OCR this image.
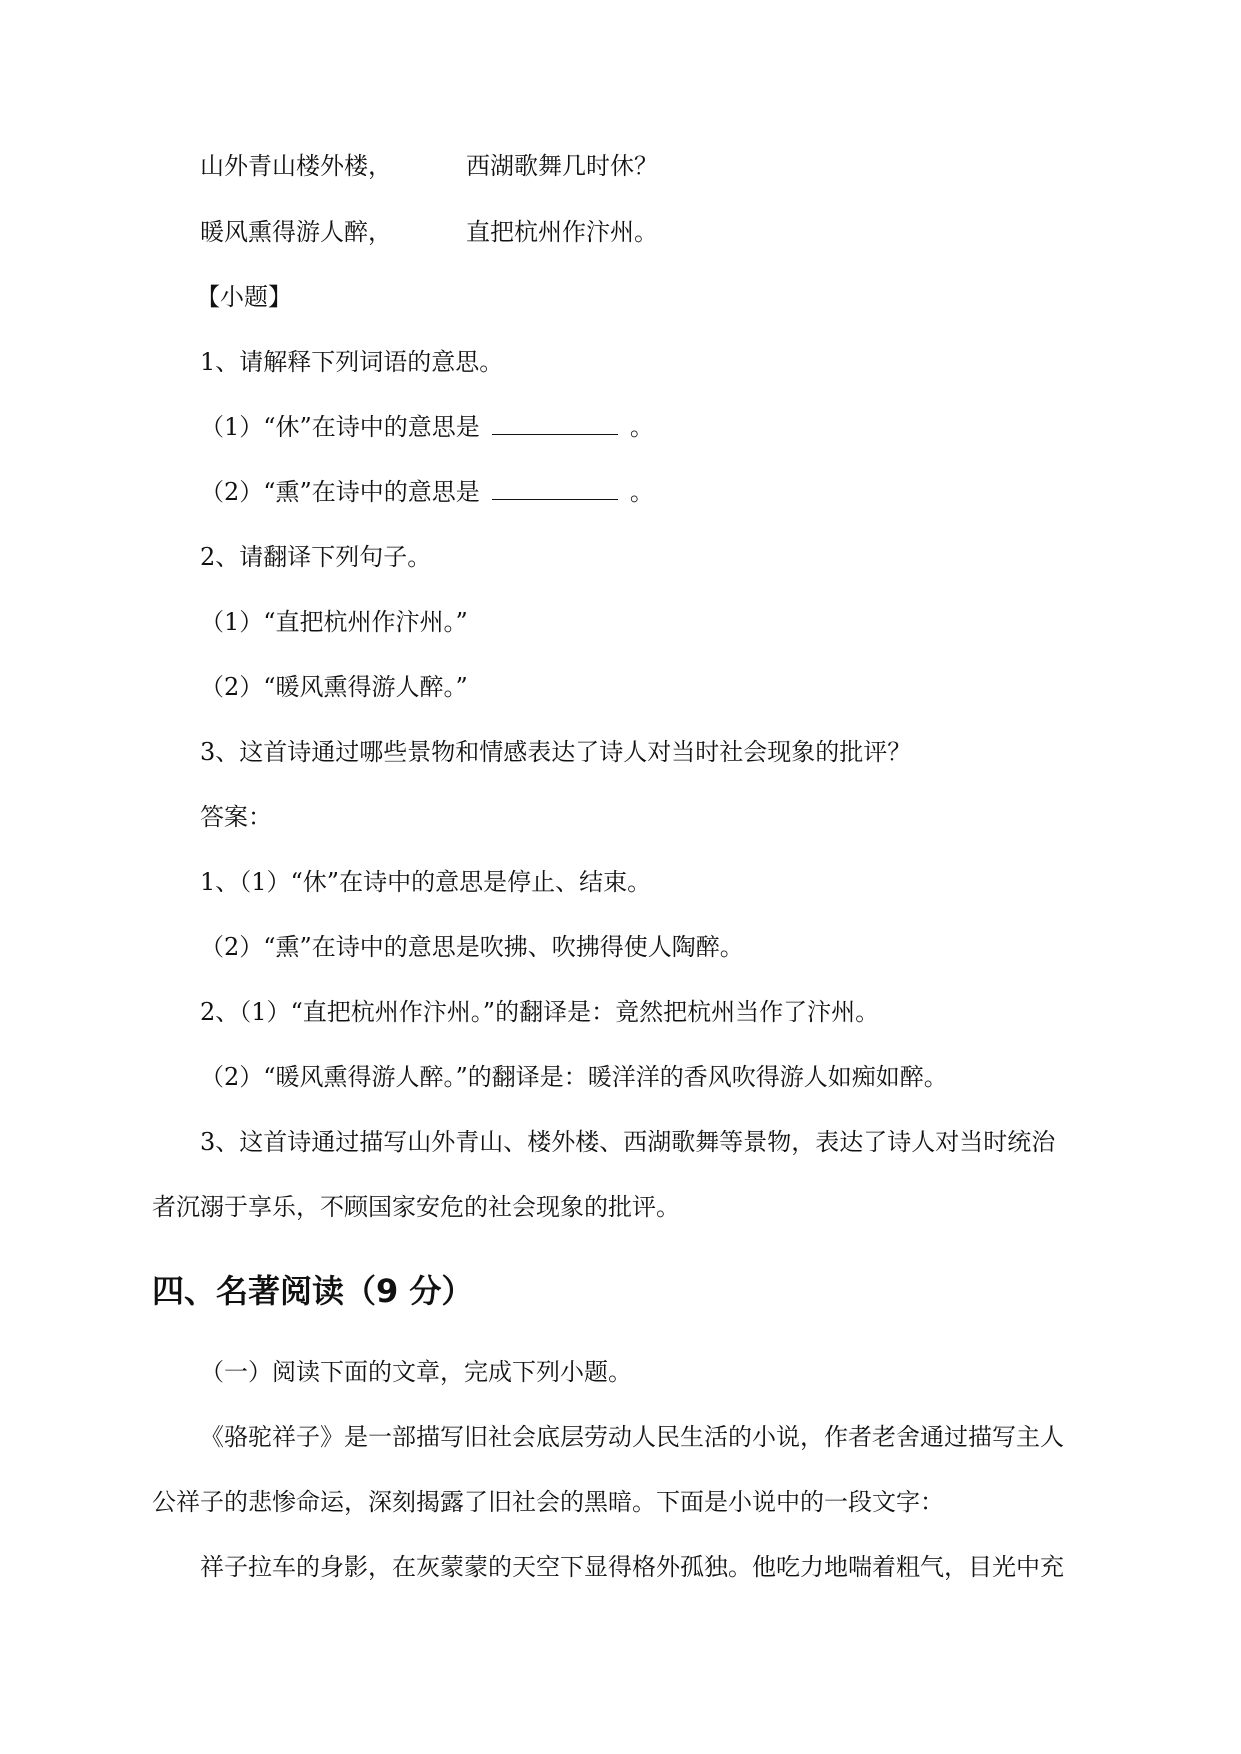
山外青山楼外楼，	西湖歌舞几时休？
暖风熏得游人醉，	直把杭州作汴州。
【小题】
1、请解释下列词语的意思。
（1）“休”在诗中的意思是	。
（2）“熏”在诗中的意思是	。
2、请翻译下列句子。
（1）“直把杭州作汴州。”
（2）“暖风熏得游人醉。”
3、这首诗通过哪些景物和情感表达了诗人对当时社会现象的批评？
答案：
1、（1）“休”在诗中的意思是停止、结束。
（2）“熏”在诗中的意思是吹拂、吹拂得使人陶醉。
2、（1）“直把杭州作汴州。”的翻译是：竟然把杭州当作了汴州。
（2）“暖风熏得游人醉。”的翻译是：暖洋洋的香风吹得游人如痴如醉。
3、这首诗通过描写山外青山、楼外楼、西湖歌舞等景物，表达了诗人对当时统治
者沉溺于享乐，不顾国家安危的社会现象的批评。
四、名著阅读（9 分）
（一）阅读下面的文章，完成下列小题。
《骆驼祥子》是一部描写旧社会底层劳动人民生活的小说，作者老舍通过描写主人
公祥子的悲惨命运，深刻揭露了旧社会的黑暗。下面是小说中的一段文字：
祥子拉车的身影，在灰蒙蒙的天空下显得格外孤独。他吃力地喘着粗气，目光中充
